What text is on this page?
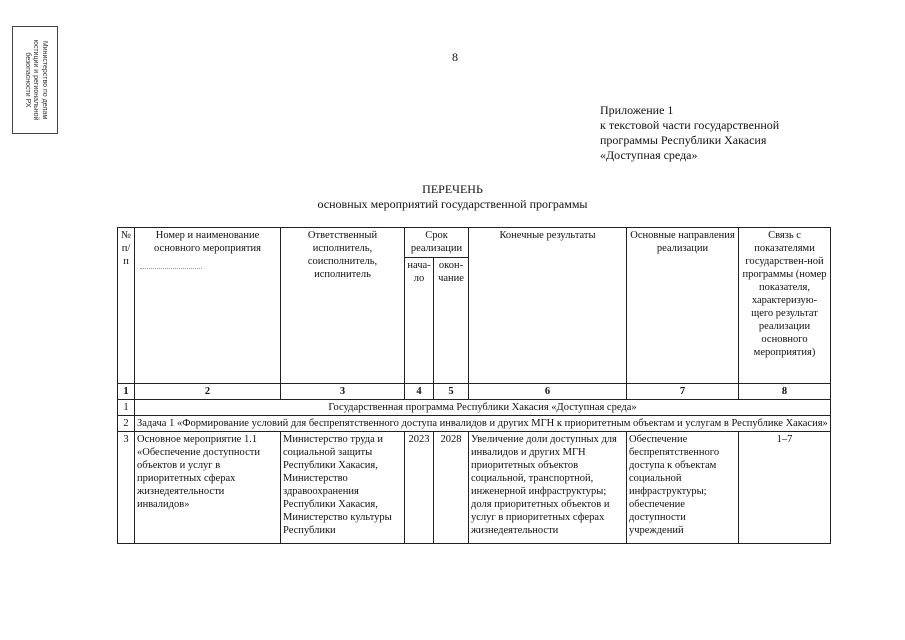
Министерство по делам
юстиции и региональной
безопасности РХ	8
Приложение 1
к текстовой части государственной
программы Республики Хакасия
«Доступная среда»
ПЕРЕЧЕНЬ
основных мероприятий государственной программы
№ п/п	Номер и наименование основного мероприятия	Ответственный исполнитель, соисполнитель, исполнитель	Срок реализации		Конечные результаты	Основные направления реализации	Связь с показателями государствен-ной программы (номер показателя, характеризую-щего результат реализации основного мероприятия)
			нача-ло	окон-чание			
1	2	3	4	5	6	7	8
1	Государственная программа Республики Хакасия «Доступная среда»						
2	Задача 1 «Формирование условий для беспрепятственного доступа инвалидов и других МГН к приоритетным объектам и услугам в Республике Хакасия»						
3	Основное мероприятие 1.1 «Обеспечение доступности объектов и услуг в приоритетных сферах жизнедеятельности инвалидов»	Министерство труда и социальной защиты Республики Хакасия, Министерство здравоохранения Республики Хакасия, Министерство культуры Республики	2023	2028	Увеличение доли доступных для инвалидов и других МГН приоритетных объектов социальной, транспортной, инженерной инфраструктуры; доля приоритетных объектов и услуг в приоритетных сферах жизнедеятельности	Обеспечение беспрепятственного доступа к объектам социальной инфраструктуры; обеспечение доступности учреждений	1–7
